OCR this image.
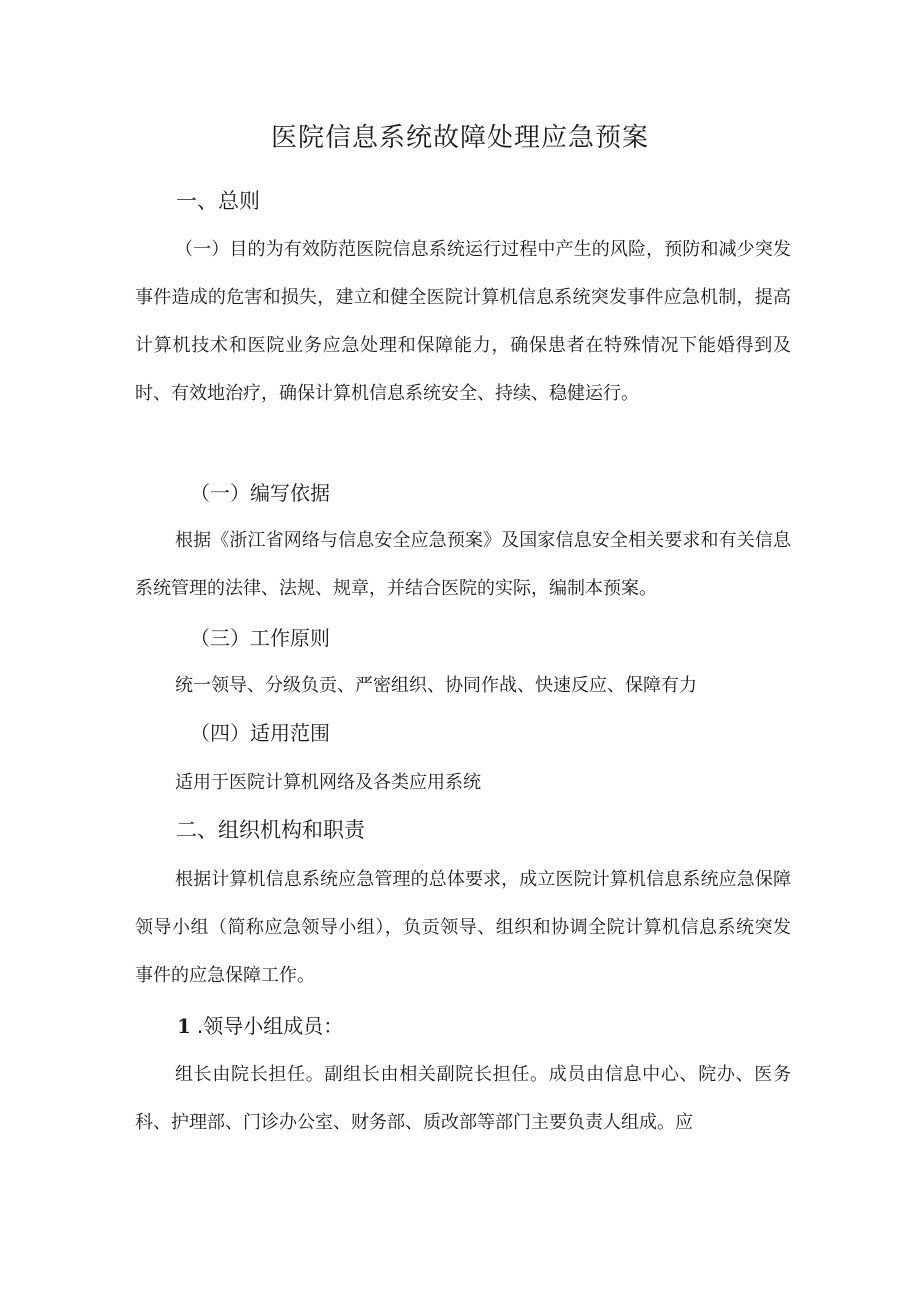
医院信息系统故障处理应急预案
一、总则
（一）目的为有效防范医院信息系统运行过程中产生的风险，预防和减少突发事件造成的危害和损失，建立和健全医院计算机信息系统突发事件应急机制，提高计算机技术和医院业务应急处理和保障能力，确保患者在特殊情况下能婚得到及时、有效地治疗，确保计算机信息系统安全、持续、稳健运行。
（一）编写依据
根据《浙江省网络与信息安全应急预案》及国家信息安全相关要求和有关信息系统管理的法律、法规、规章，并结合医院的实际，编制本预案。
（三）工作原则
统一领导、分级负贡、严密组织、协同作战、快速反应、保障有力
（四）适用范围
适用于医院计算机网络及各类应用系统
二、组织机构和职责
根据计算机信息系统应急管理的总体要求，成立医院计算机信息系统应急保障领导小组（简称应急领导小组），负贡领导、组织和协调全院计算机信息系统突发事件的应急保障工作。
1 .领导小组成员：
组长由院长担任。副组长由相关副院长担任。成员由信息中心、院办、医务科、护理部、门诊办公室、财务部、质改部等部门主要负责人组成。应
